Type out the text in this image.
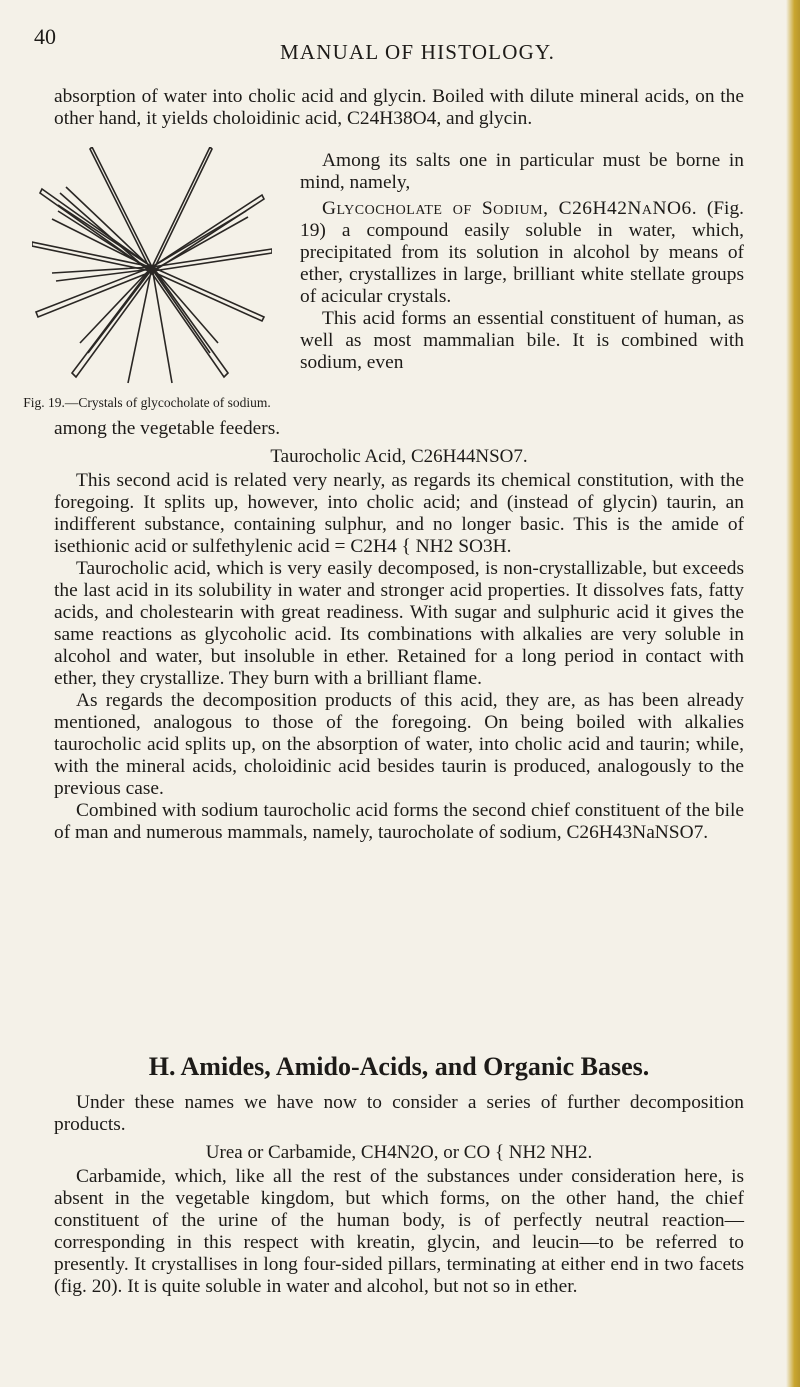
40
MANUAL OF HISTOLOGY.

absorption of water into cholic acid and glycin. Boiled with dilute mineral acids, on the other hand, it yields choloidinic acid, C24H38O4, and glycin.

Fig. 19.—Crystals of glycocholate of sodium.

Among its salts one in particular must be borne in mind, namely,

Glycocholate of Sodium, C26H42NaNO6. (Fig. 19) a compound easily soluble in water, which, precipitated from its solution in alcohol by means of ether, crystallizes in large, brilliant white stellate groups of acicular crystals.

This acid forms an essential constituent of human, as well as most mammalian bile. It is combined with sodium, even

among the vegetable feeders.

Taurocholic Acid, C26H44NSO7.

This second acid is related very nearly, as regards its chemical constitution, with the foregoing. It splits up, however, into cholic acid; and (instead of glycin) taurin, an indifferent substance, containing sulphur, and no longer basic. This is the amide of isethionic acid or sulfethylenic acid = C2H4 { NH2 SO3H.

Taurocholic acid, which is very easily decomposed, is non-crystallizable, but exceeds the last acid in its solubility in water and stronger acid properties. It dissolves fats, fatty acids, and cholestearin with great readiness. With sugar and sulphuric acid it gives the same reactions as glycoholic acid. Its combinations with alkalies are very soluble in alcohol and water, but insoluble in ether. Retained for a long period in contact with ether, they crystallize. They burn with a brilliant flame.

As regards the decomposition products of this acid, they are, as has been already mentioned, analogous to those of the foregoing. On being boiled with alkalies taurocholic acid splits up, on the absorption of water, into cholic acid and taurin; while, with the mineral acids, choloidinic acid besides taurin is produced, analogously to the previous case.

Combined with sodium taurocholic acid forms the second chief constituent of the bile of man and numerous mammals, namely, taurocholate of sodium, C26H43NaNSO7.

H. Amides, Amido-Acids, and Organic Bases.

Under these names we have now to consider a series of further decomposition products.

Urea or Carbamide, CH4N2O, or CO { NH2 NH2.

Carbamide, which, like all the rest of the substances under consideration here, is absent in the vegetable kingdom, but which forms, on the other hand, the chief constituent of the urine of the human body, is of perfectly neutral reaction—corresponding in this respect with kreatin, glycin, and leucin—to be referred to presently. It crystallises in long four-sided pillars, terminating at either end in two facets (fig. 20). It is quite soluble in water and alcohol, but not so in ether.
